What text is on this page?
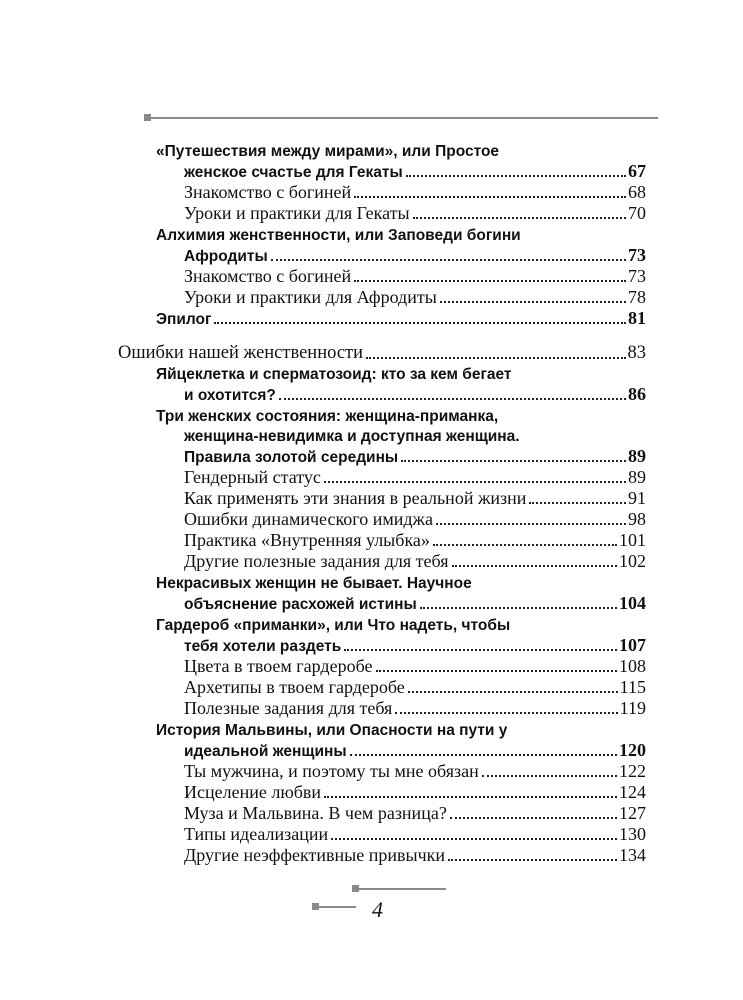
4
«Путешествия между мирами», или Простое
женское счастье для Гекаты	67
Знакомство с богиней	68
Уроки и практики для Гекаты	70
Алхимия женственности, или Заповеди богини
Афродиты	73
Знакомство с богиней	73
Уроки и практики для Афродиты	78
Эпилог	81
Ошибки нашей женственности	83
Яйцеклетка и сперматозоид: кто за кем бегает
и охотится?	86
Три женских состояния: женщина-приманка,
женщина-невидимка и доступная женщина.
Правила золотой середины	89
Гендерный статус	89
Как применять эти знания в реальной жизни	91
Ошибки динамического имиджа	98
Практика «Внутренняя улыбка»	101
Другие полезные задания для тебя	102
Некрасивых женщин не бывает. Научное
объяснение расхожей истины	104
Гардероб «приманки», или Что надеть, чтобы
тебя хотели раздеть	107
Цвета в твоем гардеробе	108
Архетипы в твоем гардеробе	115
Полезные задания для тебя	119
История Мальвины, или Опасности на пути у
идеальной женщины	120
Ты мужчина, и поэтому ты мне обязан	122
Исцеление любви	124
Муза и Мальвина. В чем разница?	127
Типы идеализации	130
Другие неэффективные привычки	134
